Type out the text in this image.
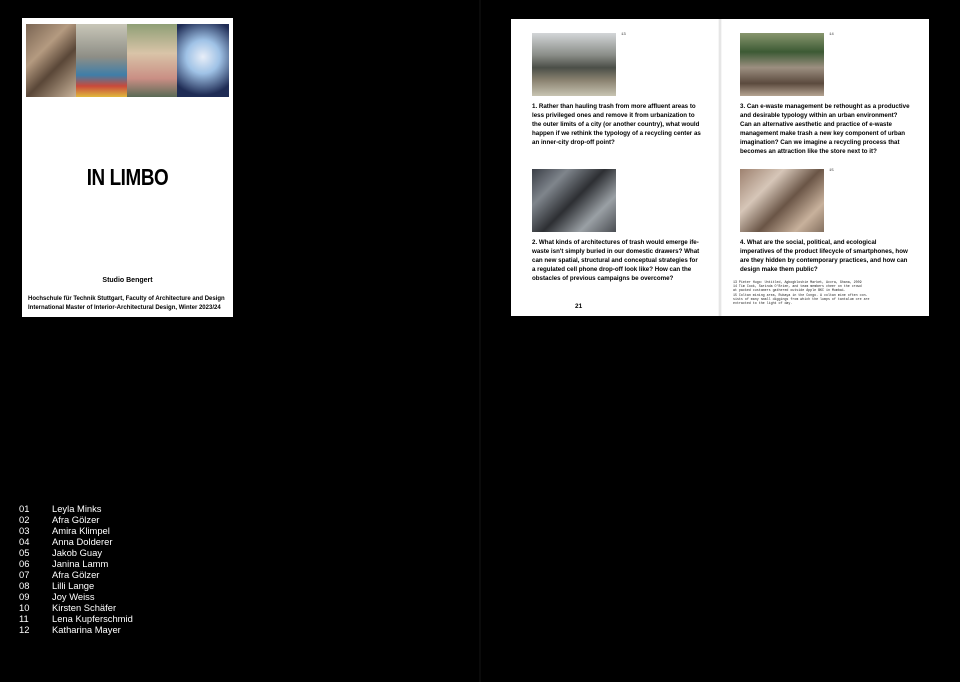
IN LIMBO
Studio Bengert
Hochschule für Technik Stuttgart, Faculty of Architecture and Design
International Master of Interior-Architectural Design, Winter 2023/24
13	14
15
1. Rather than hauling trash from more affluent areas to less privileged ones and remove it from urbanization to the outer limits of a city (or another country), what would happen if we rethink the typology of a recycling center as an inner-city drop-off point?
3. Can e-waste management be rethought as a productive and desirable typology within an urban environment? Can an alternative aesthetic and practice of e-waste management make trash a new key component of urban imagination? Can we imagine a recycling process that becomes an attraction like the store next to it?
2. What kinds of architectures of trash would emerge ife-waste isn't simply buried in our domestic drawers? What can new spatial, structural and conceptual strategies for a regulated cell phone drop-off look like? How can the obstacles of previous campaigns be overcome?
4. What are the social, political, and ecological imperatives of the product lifecycle of smartphones, how are they hidden by contemporary practices, and how can design make them public?
13 Pieter Hugo: Untitled, Agbogbloshie Market, Accra, Ghana, 2009
14 Tim Cook, Sarinda O'Brien, and team members cheer on the crowd
at packed customers gathered outside Apple BKC in Mumbai.
15 Coltan mining area, Rubaya in the Congo. A coltan mine often con-
sists of many small diggings from which the lumps of tantalum ore are
extracted to the light of day.
21
01	Leyla Minks
02	Afra Gölzer
03	Amira Klimpel
04	Anna Dolderer
05	Jakob Guay
06	Janina Lamm
07	Afra Gölzer
08	Lilli Lange
09	Joy Weiss
10	Kirsten Schäfer
11	Lena Kupferschmid
12	Katharina Mayer
